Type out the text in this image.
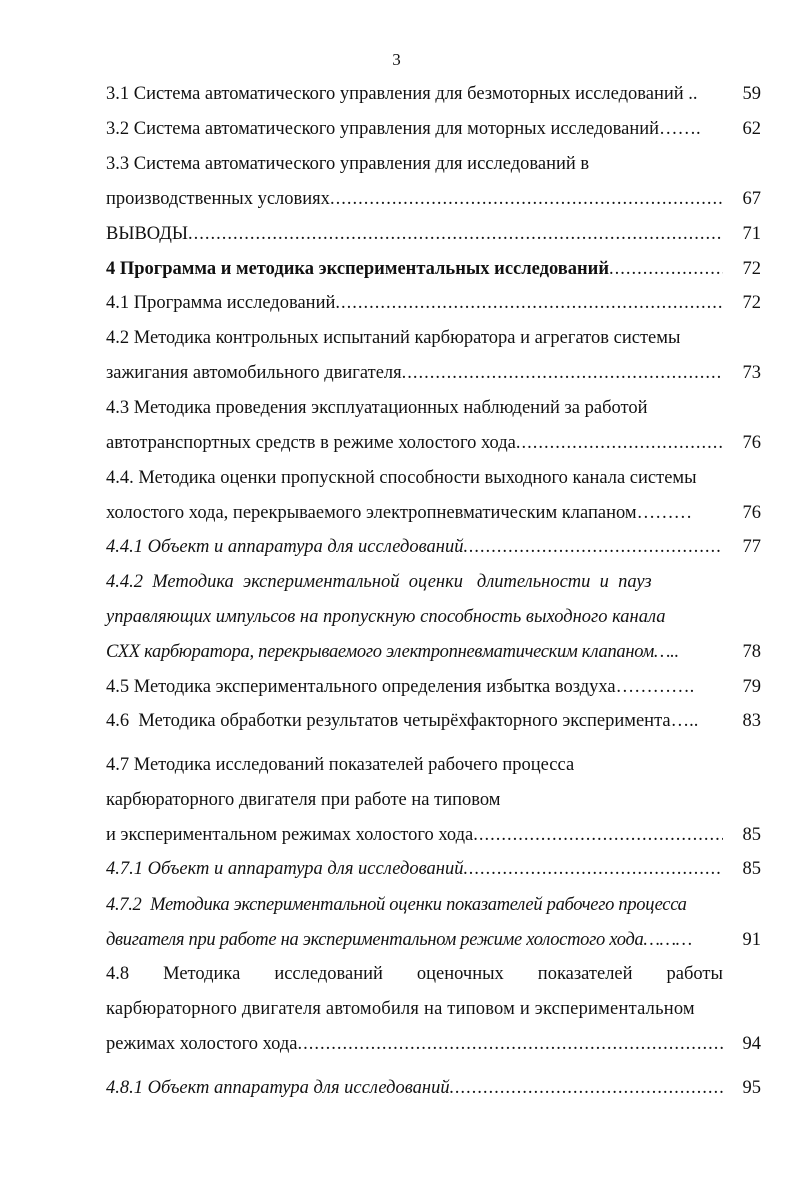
3
3.1 Система автоматического управления для безмоторных исследований ..	59
3.2 Система автоматического управления для моторных исследований…….	62
3.3 Система автоматического управления для исследований в
производственных условиях .....	67
ВЫВОДЫ .....	71
4 Программа и методика экспериментальных исследований .....	72
4.1 Программа исследований .....	72
4.2 Методика контрольных испытаний карбюратора и агрегатов системы
зажигания автомобильного двигателя .....	73
4.3 Методика проведения эксплуатационных наблюдений за работой
автотранспортных средств в режиме холостого хода .....	76
4.4. Методика оценки пропускной способности выходного канала системы
холостого хода, перекрываемого электропневматическим клапаном………	76
4.4.1 Объект и аппаратура для исследований .....	77
4.4.2  Методика  экспериментальной  оценки   длительности  и  пауз
управляющих импульсов на пропускную способность выходного канала
СХХ карбюратора, перекрываемого электропневматическим клапаном…..	78
4.5 Методика экспериментального определения избытка воздуха………….	79
4.6  Методика обработки результатов четырёхфакторного эксперимента…..	83
4.7 Методика исследований показателей рабочего процесса
карбюраторного двигателя при работе на типовом
и экспериментальном режимах холостого хода .....	85
4.7.1 Объект и аппаратура для исследований .....	85
4.7.2  Методика экспериментальной оценки показателей рабочего процесса
двигателя при работе на экспериментальном режиме холостого хода………	91
4.8 Методика исследований оценочных показателей работы
карбюраторного двигателя автомобиля на типовом и экспериментальном
режимах холостого хода .....	94
4.8.1 Объект аппаратура для исследований .....	95
